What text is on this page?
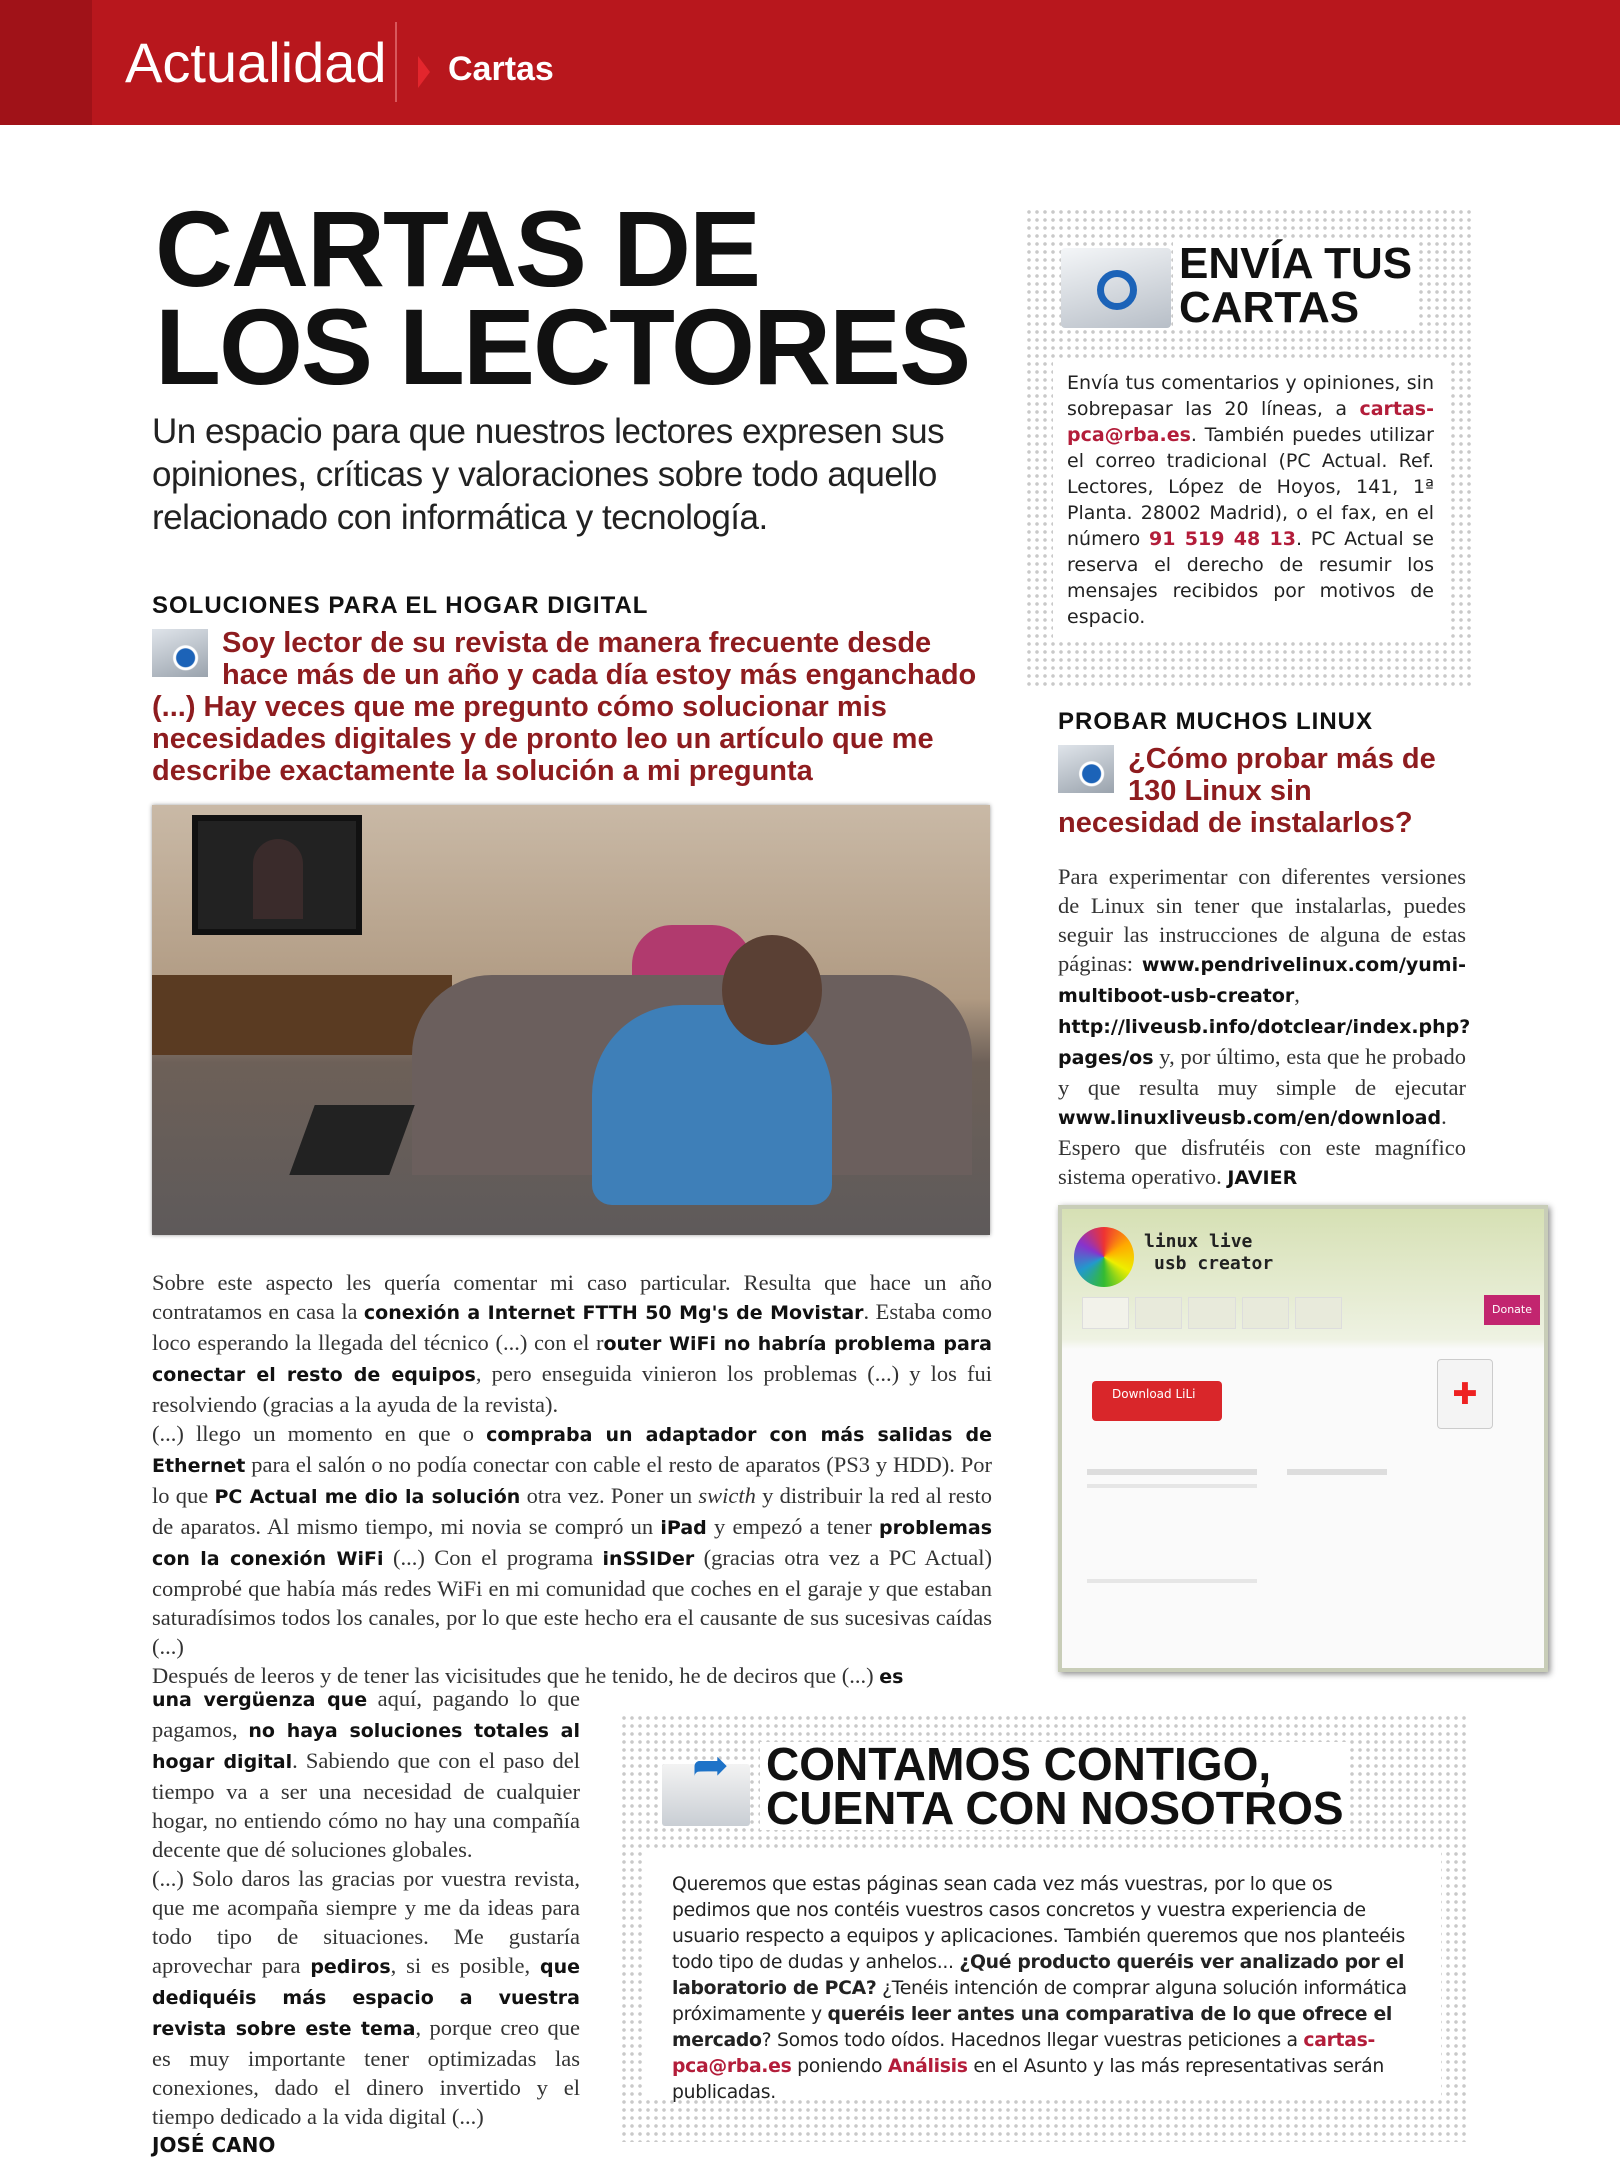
Actualidad Cartas
CARTAS DE
LOS LECTORES
Un espacio para que nuestros lectores expresen sus opiniones, críticas y valoraciones sobre todo aquello relacionado con informática y tecnología.
SOLUCIONES PARA EL HOGAR DIGITAL
Soy lector de su revista de manera frecuente desde hace más de un año y cada día estoy más enganchado (...) Hay veces que me pregunto cómo solucionar mis necesidades digitales y de pronto leo un artículo que me describe exactamente la solución a mi pregunta

Sobre este aspecto les quería comentar mi caso particular. Resulta que hace un año contratamos en casa la conexión a Internet FTTH 50 Mg's de Movistar. Estaba como loco esperando la llegada del técnico (...) con el router WiFi no habría problema para conectar el resto de equipos, pero enseguida vinieron los problemas (...) y los fui resolviendo (gracias a la ayuda de la revista).

(...) llego un momento en que o compraba un adaptador con más salidas de Ethernet para el salón o no podía conectar con cable el resto de aparatos (PS3 y HDD). Por lo que PC Actual me dio la solución otra vez. Poner un swicth y distribuir la red al resto de aparatos. Al mismo tiempo, mi novia se compró un iPad y empezó a tener problemas con la conexión WiFi (...) Con el programa inSSIDer (gracias otra vez a PC Actual) comprobé que había más redes WiFi en mi comunidad que coches en el garaje y que estaban saturadísimos todos los canales, por lo que este hecho era el causante de sus sucesivas caídas (...)

Después de leeros y de tener las vicisitudes que he tenido, he de deciros que (...) es

una vergüenza que aquí, pagando lo que pagamos, no haya soluciones totales al hogar digital. Sabiendo que con el paso del tiempo va a ser una necesidad de cualquier hogar, no entiendo cómo no hay una compañía decente que dé soluciones globales.

(...) Solo daros las gracias por vuestra revista, que me acompaña siempre y me da ideas para todo tipo de situaciones. Me gustaría aprovechar para pediros, si es posible, que dediquéis más espacio a vuestra revista sobre este tema, porque creo que es muy importante tener optimizadas las conexiones, dado el dinero invertido y el tiempo dedicado a la vida digital (...)

JOSÉ CANO

ENVÍA TUS
CARTAS
Envía tus comentarios y opiniones, sin sobrepasar las 20 líneas, a cartas-pca@rba.es. También puedes utilizar el correo tradicional (PC Actual. Ref. Lectores, López de Hoyos, 141, 1ª Planta. 28002 Madrid), o el fax, en el número 91 519 48 13. PC Actual se reserva el derecho de resumir los mensajes recibidos por motivos de espacio.
PROBAR MUCHOS LINUX
¿Cómo probar más de 130 Linux sin necesidad de instalarlos?
Para experimentar con diferentes versiones de Linux sin tener que instalarlas, puedes seguir las instrucciones de alguna de estas páginas: www.pendrivelinux.com/yumi-multiboot-usb-creator, http://liveusb.info/dotclear/index.php?pages/os y, por último, esta que he probado y que resulta muy simple de ejecutar www.linuxliveusb.com/en/download. Espero que disfrutéis con este magnífico sistema operativo. JAVIER
linux live
usb creator
Donate
Download LiLi	✚
➦ CONTAMOS CONTIGO,
CUENTA CON NOSOTROS
Queremos que estas páginas sean cada vez más vuestras, por lo que os pedimos que nos contéis vuestros casos concretos y vuestra experiencia de usuario respecto a equipos y aplicaciones. También queremos que nos planteéis todo tipo de dudas y anhelos... ¿Qué producto queréis ver analizado por el laboratorio de PCA? ¿Tenéis intención de comprar alguna solución informática próximamente y queréis leer antes una comparativa de lo que ofrece el mercado? Somos todo oídos. Hacednos llegar vuestras peticiones a cartas-pca@rba.es poniendo Análisis en el Asunto y las más representativas serán publicadas.
